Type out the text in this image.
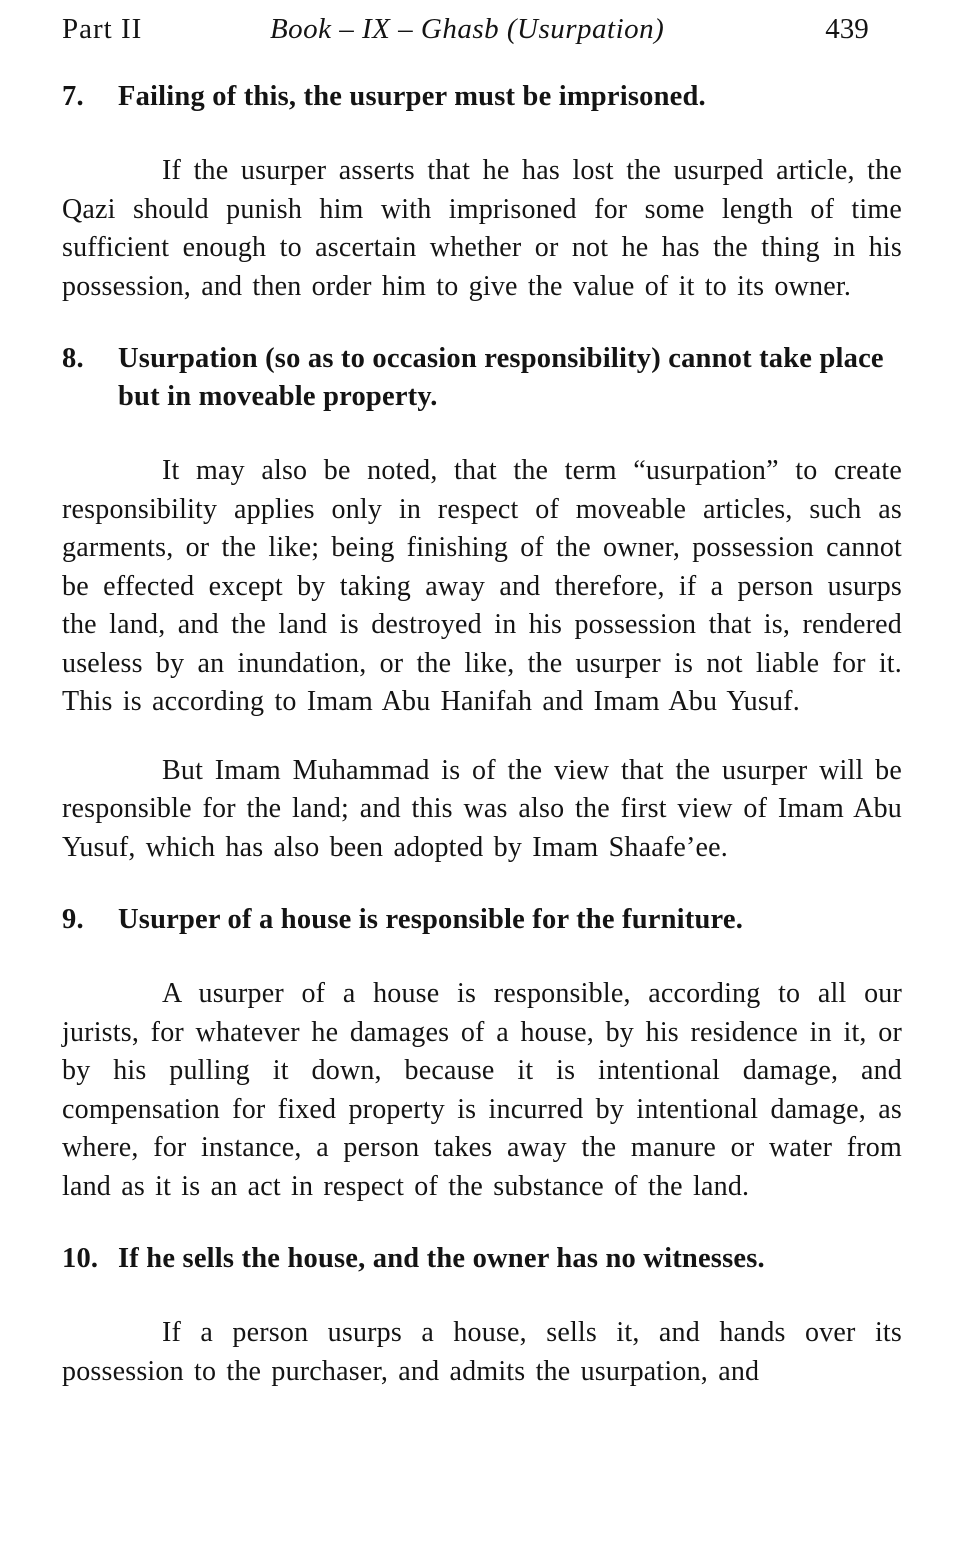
Part II	Book – IX – Ghasb (Usurpation)	439
7. Failing of this, the usurper must be imprisoned.

If the usurper asserts that he has lost the usurped article, the Qazi should punish him with imprisoned for some length of time sufficient enough to ascertain whether or not he has the thing in his possession, and then order him to give the value of it to its owner.

8. Usurpation (so as to occasion responsibility) cannot take place but in moveable property.

It may also be noted, that the term “usurpation” to create responsibility applies only in respect of moveable articles, such as garments, or the like; being finishing of the owner, possession cannot be effected except by taking away and therefore, if a person usurps the land, and the land is destroyed in his possession that is, rendered useless by an inundation, or the like, the usurper is not liable for it. This is according to Imam Abu Hanifah and Imam Abu Yusuf.

But Imam Muhammad is of the view that the usurper will be responsible for the land; and this was also the first view of Imam Abu Yusuf, which has also been adopted by Imam Shaafe’ee.

9. Usurper of a house is responsible for the furniture.

A usurper of a house is responsible, according to all our jurists, for whatever he damages of a house, by his residence in it, or by his pulling it down, because it is intentional damage, and compensation for fixed property is incurred by intentional damage, as where, for instance, a person takes away the manure or water from land as it is an act in respect of the substance of the land.

10. If he sells the house, and the owner has no witnesses.

If a person usurps a house, sells it, and hands over its possession to the purchaser, and admits the usurpation, and
